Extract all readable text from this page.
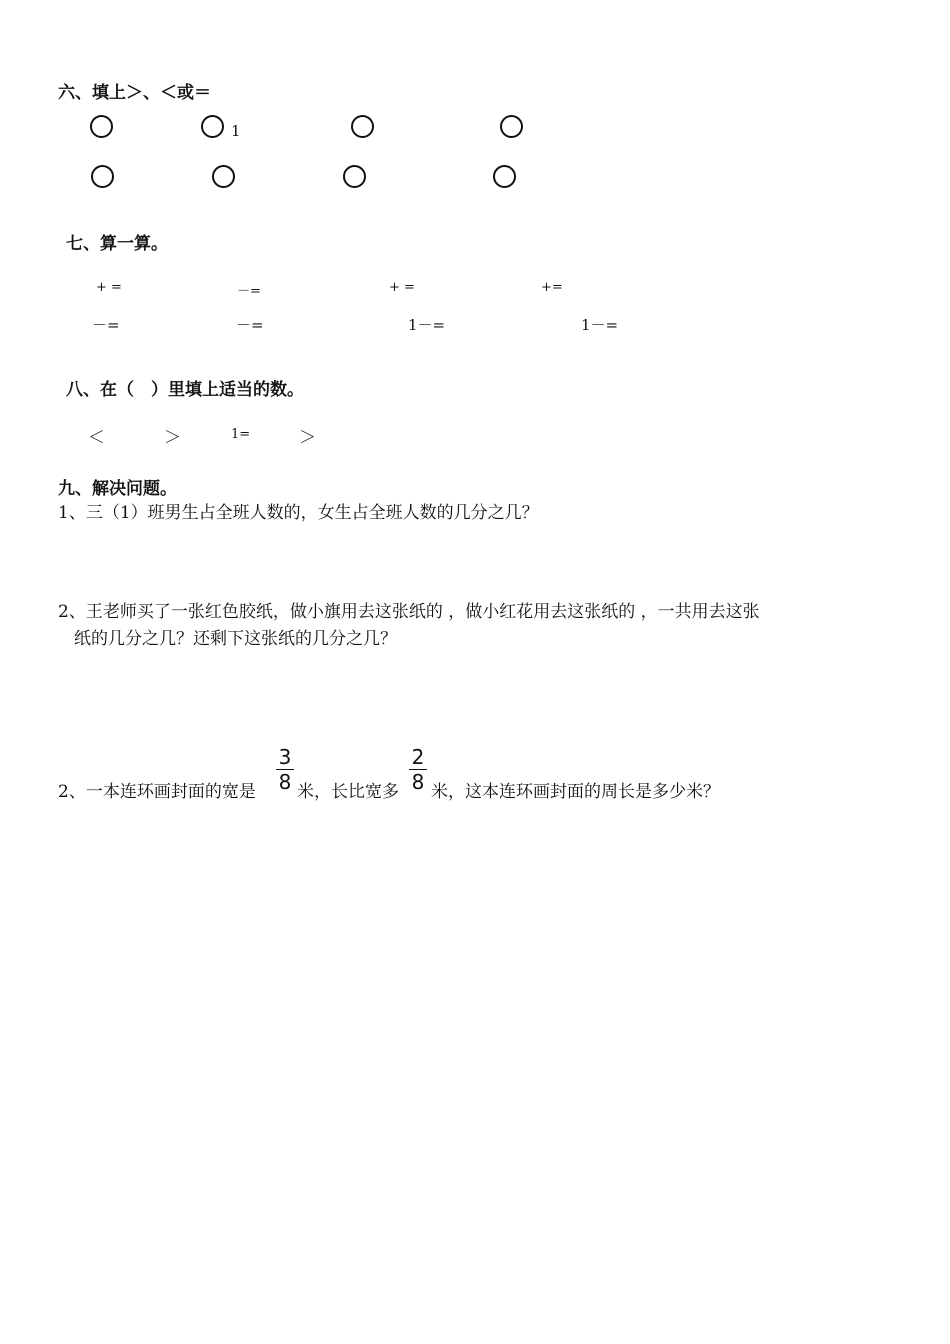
六、填上＞、＜或＝
1
七、算一算。
+ =	－=	+ =	+=
－=	－=	1－=	1－=
八、在（　）里填上适当的数。
＜	＞	1=	＞
九、解决问题。
1、三（1）班男生占全班人数的，女生占全班人数的几分之几？
2、王老师买了一张红色胶纸，做小旗用去这张纸的 ，做小红花用去这张纸的 ，一共用去这张
纸的几分之几？还剩下这张纸的几分之几？
2、一本连环画封面的宽是
3
8 米，长比宽多
2
8 米，这本连环画封面的周长是多少米？
